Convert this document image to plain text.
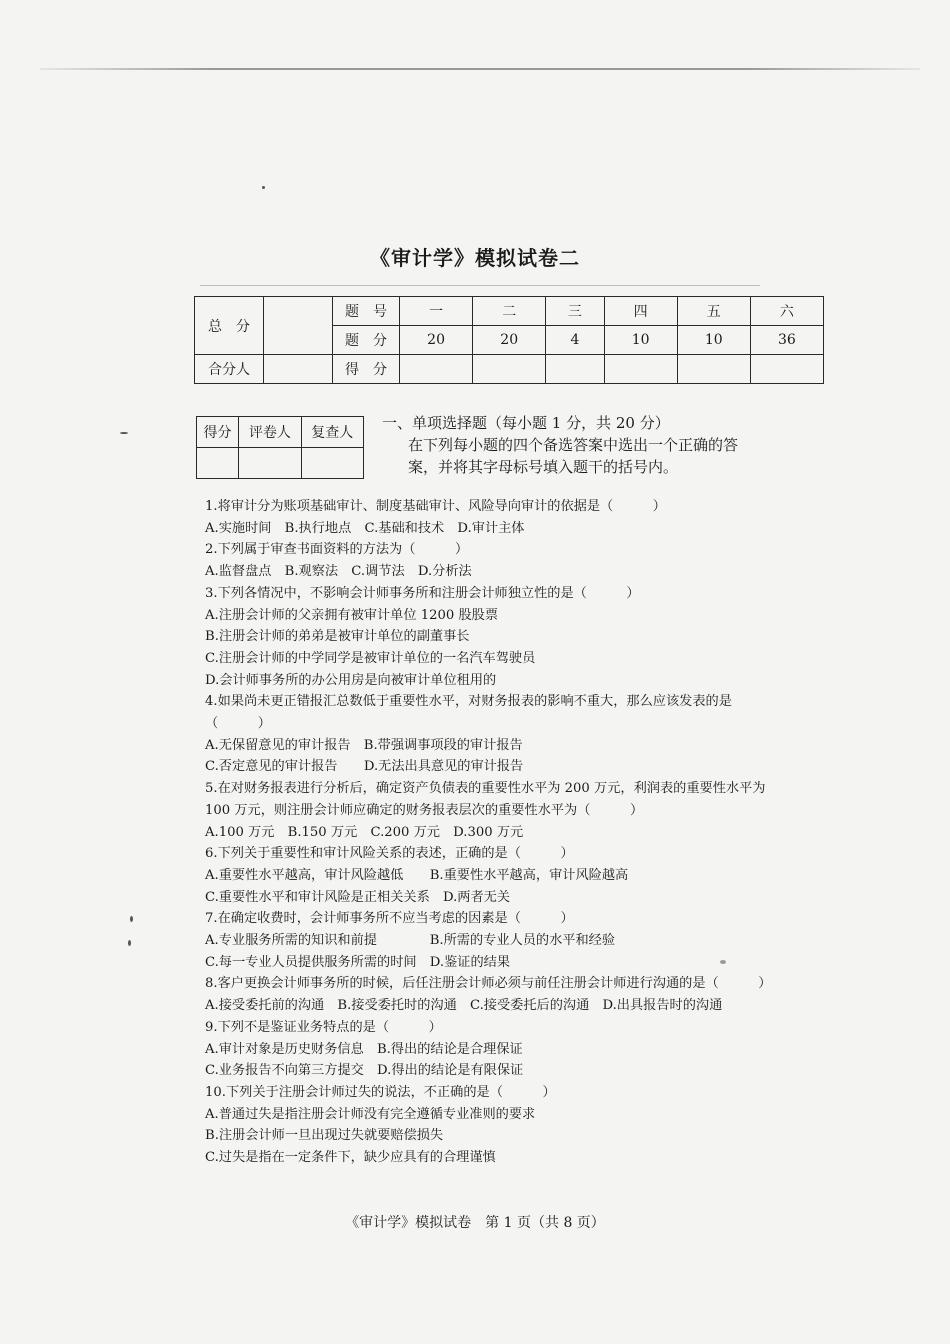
《审计学》模拟试卷二
总　分		题　号	一	二	三	四	五	六
		题　分	20	20	4	10	10	36
合分人		得　分						
得分	评卷人	复查人

一、单项选择题（每小题 1 分，共 20 分）
在下列每小题的四个备选答案中选出一个正确的答
案，并将其字母标号填入题干的括号内。
1.将审计分为账项基础审计、制度基础审计、风险导向审计的依据是（　　　）
A.实施时间　B.执行地点　C.基础和技术　D.审计主体
2.下列属于审查书面资料的方法为（　　　）
A.监督盘点　B.观察法　C.调节法　D.分析法
3.下列各情况中，不影响会计师事务所和注册会计师独立性的是（　　　）
A.注册会计师的父亲拥有被审计单位 1200 股股票
B.注册会计师的弟弟是被审计单位的副董事长
C.注册会计师的中学同学是被审计单位的一名汽车驾驶员
D.会计师事务所的办公用房是向被审计单位租用的
4.如果尚未更正错报汇总数低于重要性水平，对财务报表的影响不重大，那么应该发表的是
（　　　）
A.无保留意见的审计报告　B.带强调事项段的审计报告
C.否定意见的审计报告　　D.无法出具意见的审计报告
5.在对财务报表进行分析后，确定资产负债表的重要性水平为 200 万元，利润表的重要性水平为
100 万元，则注册会计师应确定的财务报表层次的重要性水平为（　　　）
A.100 万元　B.150 万元　C.200 万元　D.300 万元
6.下列关于重要性和审计风险关系的表述，正确的是（　　　）
A.重要性水平越高，审计风险越低　　B.重要性水平越高，审计风险越高
C.重要性水平和审计风险是正相关关系　D.两者无关
7.在确定收费时，会计师事务所不应当考虑的因素是（　　　）
A.专业服务所需的知识和前提　　　　B.所需的专业人员的水平和经验
C.每一专业人员提供服务所需的时间　D.鉴证的结果
8.客户更换会计师事务所的时候，后任注册会计师必须与前任注册会计师进行沟通的是（　　　）
A.接受委托前的沟通　B.接受委托时的沟通　C.接受委托后的沟通　D.出具报告时的沟通
9.下列不是鉴证业务特点的是（　　　）
A.审计对象是历史财务信息　B.得出的结论是合理保证
C.业务报告不向第三方提交　D.得出的结论是有限保证
10.下列关于注册会计师过失的说法，不正确的是（　　　）
A.普通过失是指注册会计师没有完全遵循专业准则的要求
B.注册会计师一旦出现过失就要赔偿损失
C.过失是指在一定条件下，缺少应具有的合理谨慎
《审计学》模拟试卷　第 1 页（共 8 页）
